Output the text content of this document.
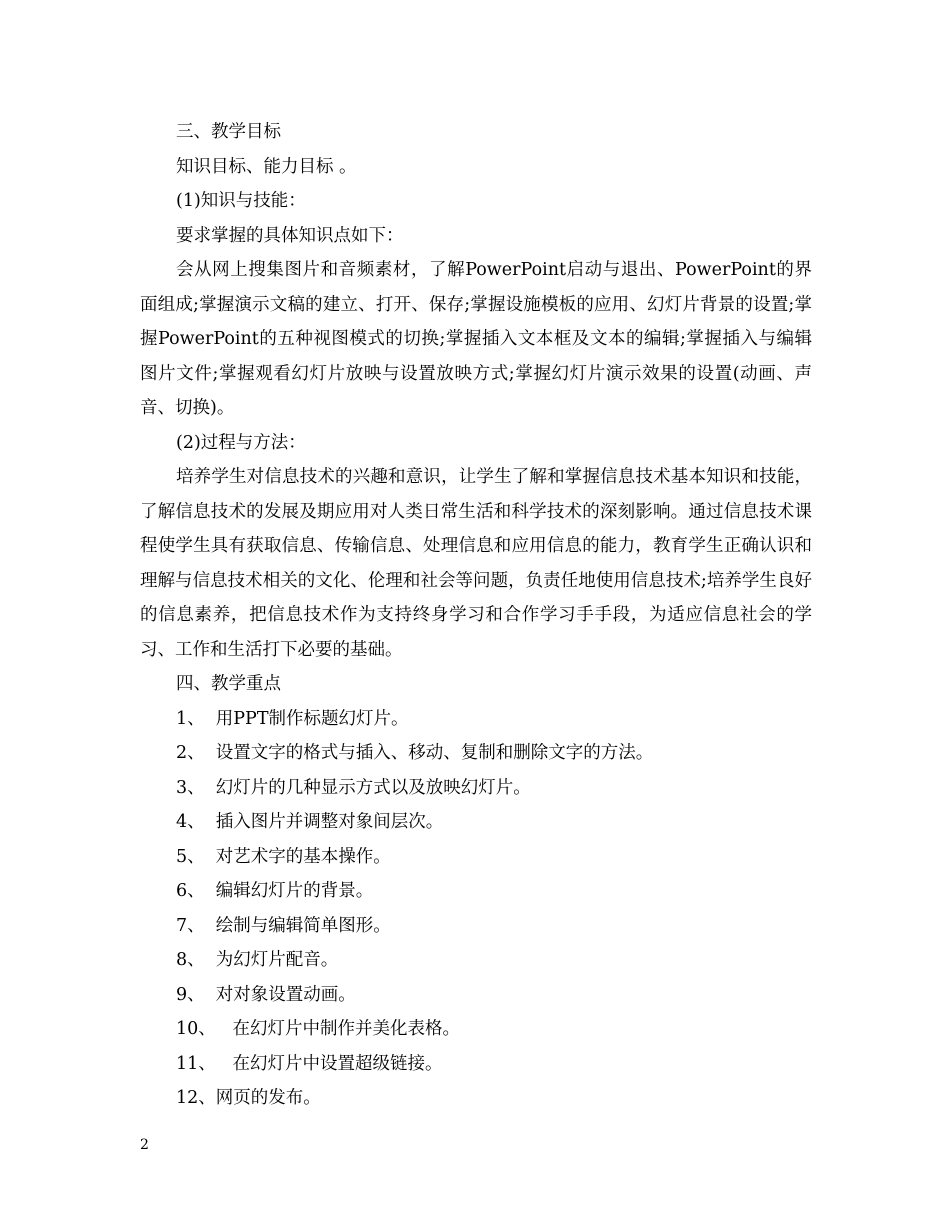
三、教学目标
知识目标、能力目标 。
(1)知识与技能：
要求掌握的具体知识点如下：
会从网上搜集图片和音频素材，了解PowerPoint启动与退出、PowerPoint的界面组成;掌握演示文稿的建立、打开、保存;掌握设施模板的应用、幻灯片背景的设置;掌握PowerPoint的五种视图模式的切换;掌握插入文本框及文本的编辑;掌握插入与编辑图片文件;掌握观看幻灯片放映与设置放映方式;掌握幻灯片演示效果的设置(动画、声音、切换)。
(2)过程与方法：
培养学生对信息技术的兴趣和意识，让学生了解和掌握信息技术基本知识和技能，了解信息技术的发展及期应用对人类日常生活和科学技术的深刻影响。通过信息技术课程使学生具有获取信息、传输信息、处理信息和应用信息的能力，教育学生正确认识和理解与信息技术相关的文化、伦理和社会等问题，负责任地使用信息技术;培养学生良好的信息素养，把信息技术作为支持终身学习和合作学习手手段，为适应信息社会的学习、工作和生活打下必要的基础。
四、教学重点
1、 用PPT制作标题幻灯片。
2、 设置文字的格式与插入、移动、复制和删除文字的方法。
3、 幻灯片的几种显示方式以及放映幻灯片。
4、 插入图片并调整对象间层次。
5、 对艺术字的基本操作。
6、 编辑幻灯片的背景。
7、 绘制与编辑简单图形。
8、 为幻灯片配音。
9、 对对象设置动画。
10、 在幻灯片中制作并美化表格。
11、 在幻灯片中设置超级链接。
12、网页的发布。
2
